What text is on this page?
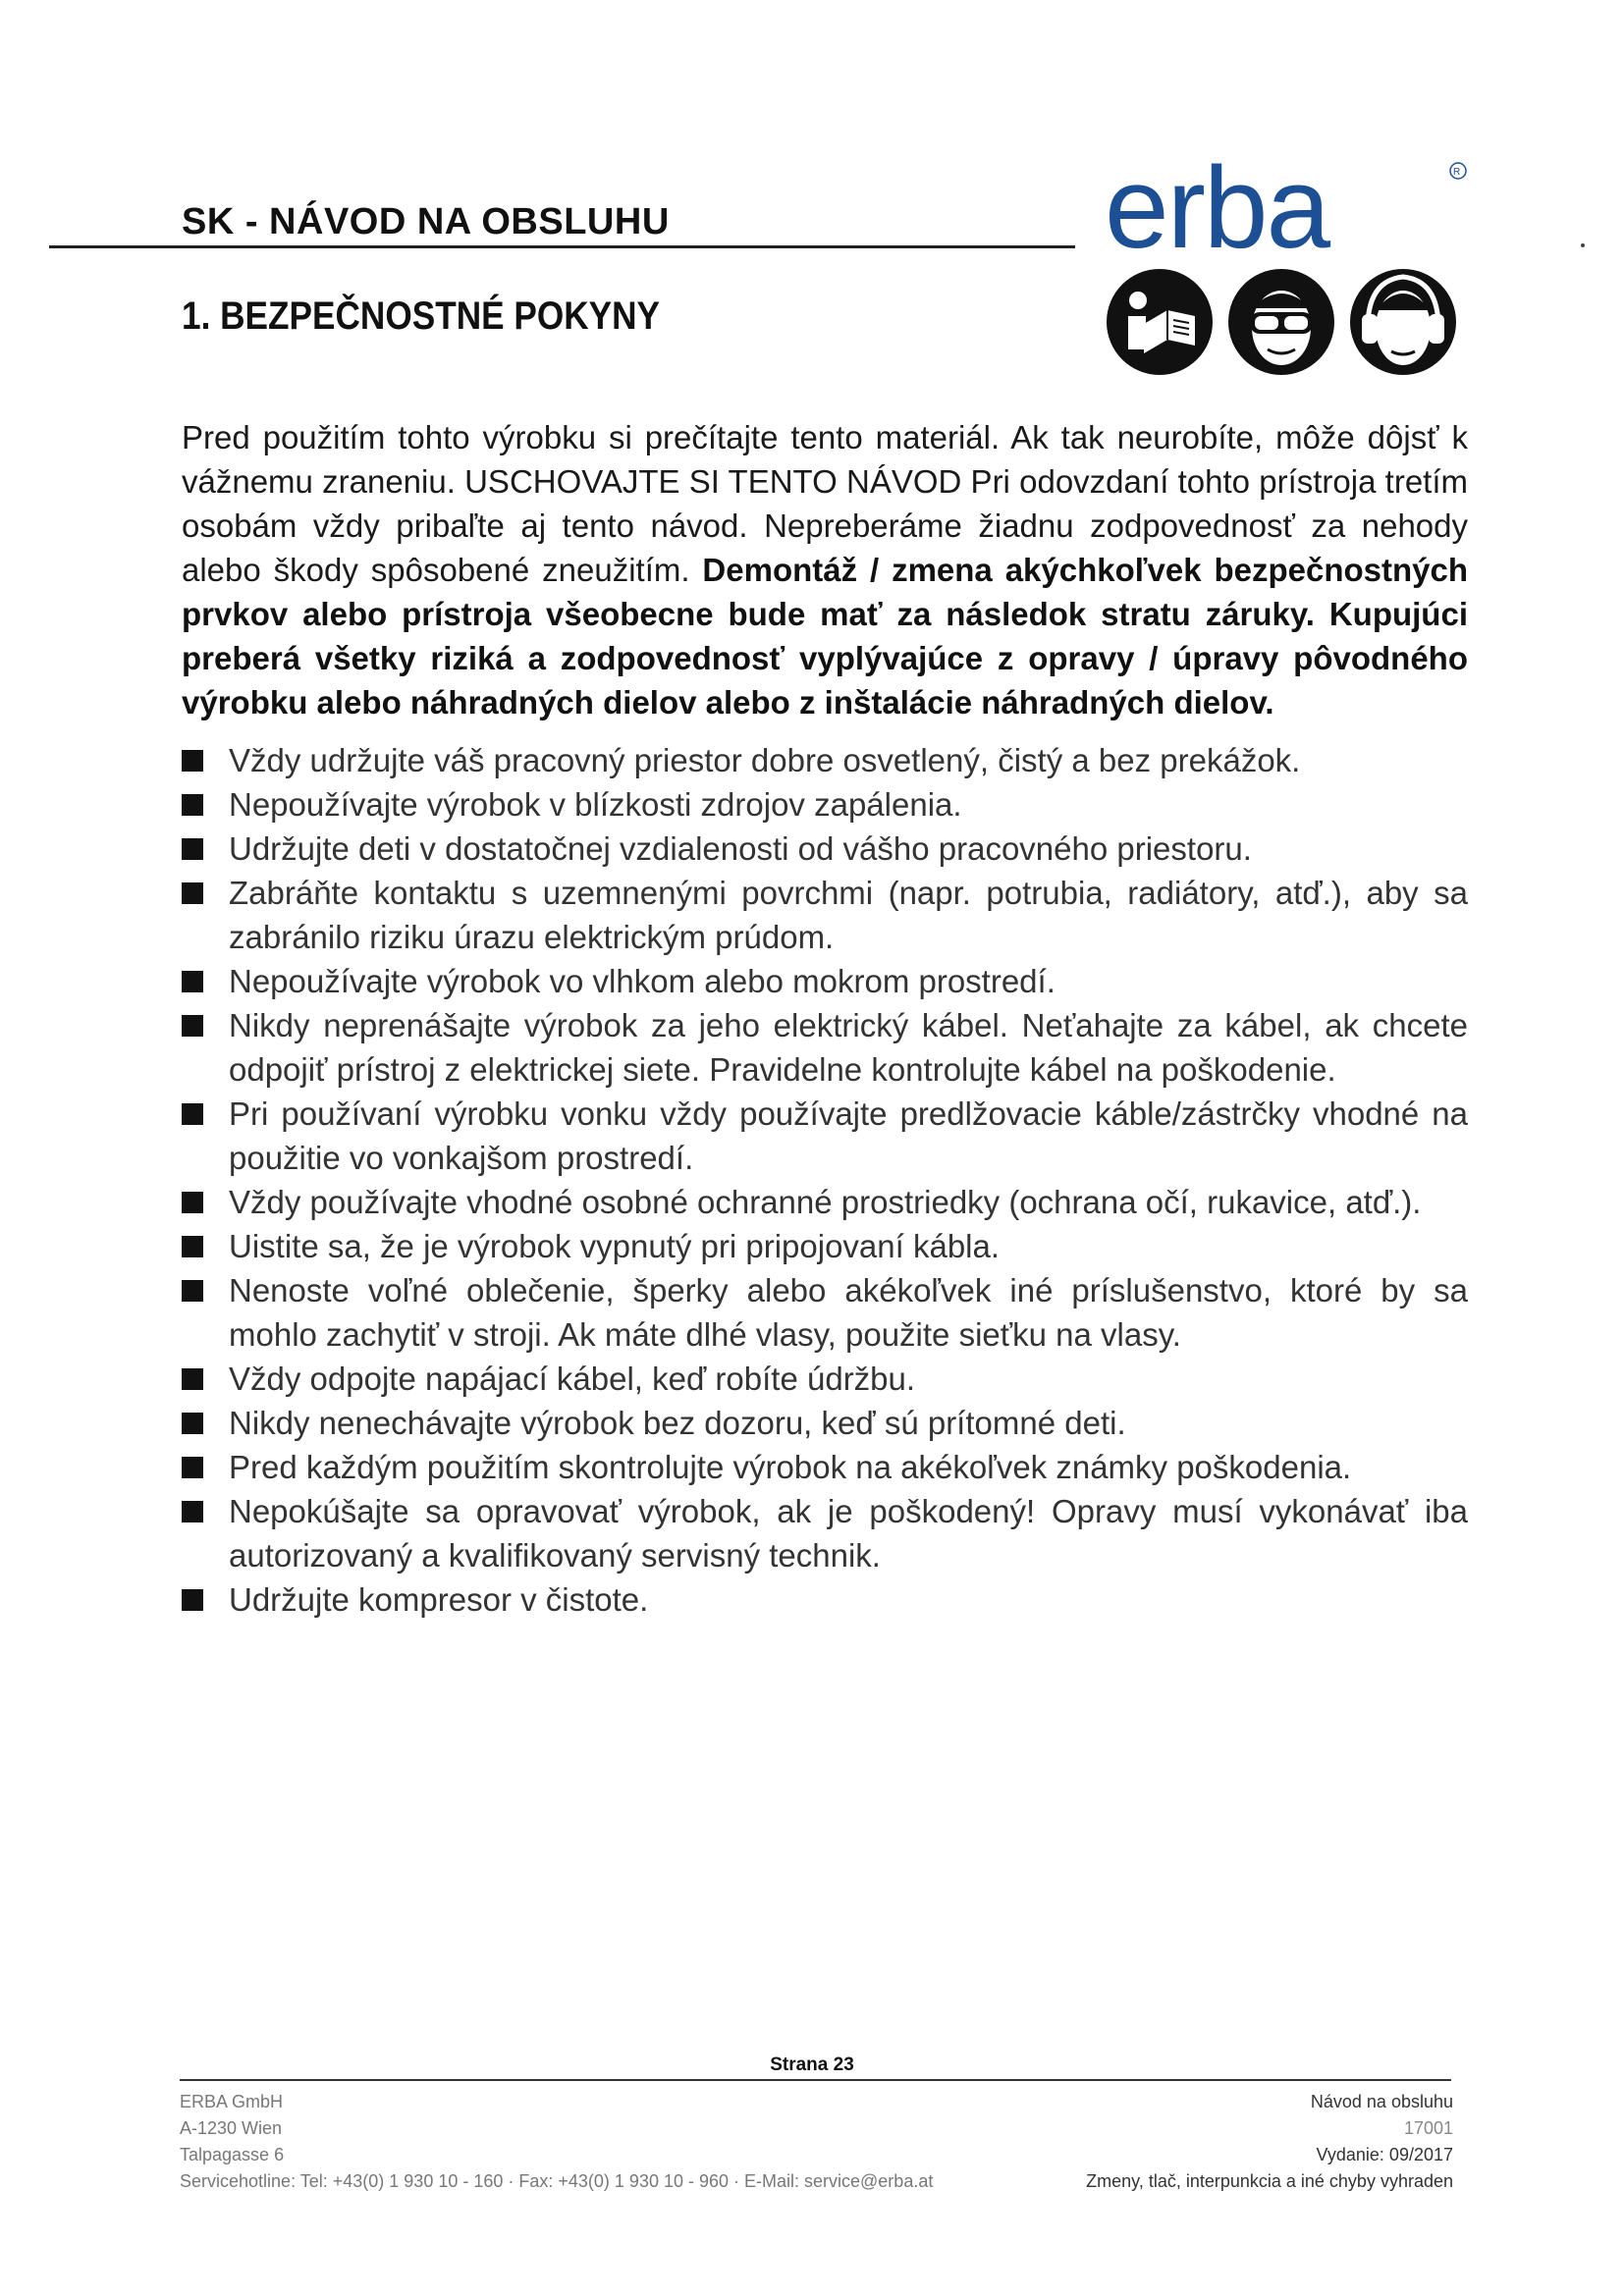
SK - NÁVOD NA OBSLUHU	erba	R
1. BEZPEČNOSTNÉ POKYNY

Pred použitím tohto výrobku si prečítajte tento materiál. Ak tak neurobíte, môže dôjsť k vážnemu zraneniu. USCHOVAJTE SI TENTO NÁVOD Pri odovzdaní tohto prístroja tretím osobám vždy pribaľte aj tento návod. Nepreberáme žiadnu zodpovednosť za nehody alebo škody spôsobené zneužitím. Demontáž / zmena akýchkoľvek bezpečnostných prvkov alebo prístroja všeobecne bude mať za následok stratu záruky. Kupujúci preberá všetky riziká a zodpovednosť vyplývajúce z opravy / úpravy pôvodného výrobku alebo náhradných dielov alebo z inštalácie náhradných dielov.

Vždy udržujte váš pracovný priestor dobre osvetlený, čistý a bez prekážok.
Nepoužívajte výrobok v blízkosti zdrojov zapálenia.
Udržujte deti v dostatočnej vzdialenosti od vášho pracovného priestoru.
Zabráňte kontaktu s uzemnenými povrchmi (napr. potrubia, radiátory, atď.), aby sa zabránilo riziku úrazu elektrickým prúdom.
Nepoužívajte výrobok vo vlhkom alebo mokrom prostredí.
Nikdy neprenášajte výrobok za jeho elektrický kábel. Neťahajte za kábel, ak chcete odpojiť prístroj z elektrickej siete. Pravidelne kontrolujte kábel na poškodenie.
Pri používaní výrobku vonku vždy používajte predlžovacie káble/zástrčky vhodné na použitie vo vonkajšom prostredí.
Vždy používajte vhodné osobné ochranné prostriedky (ochrana očí, rukavice, atď.).
Uistite sa, že je výrobok vypnutý pri pripojovaní kábla.
Nenoste voľné oblečenie, šperky alebo akékoľvek iné príslušenstvo, ktoré by sa mohlo zachytiť v stroji. Ak máte dlhé vlasy, použite sieťku na vlasy.
Vždy odpojte napájací kábel, keď robíte údržbu.
Nikdy nenechávajte výrobok bez dozoru, keď sú prítomné deti.
Pred každým použitím skontrolujte výrobok na akékoľvek známky poškodenia.
Nepokúšajte sa opravovať výrobok, ak je poškodený! Opravy musí vykonávať iba autorizovaný a kvalifikovaný servisný technik.
Udržujte kompresor v čistote.
Strana 23
ERBA GmbH
A-1230 Wien
Talpagasse 6
Servicehotline: Tel: +43(0) 1 930 10 - 160 · Fax: +43(0) 1 930 10 - 960 · E-Mail: service@erba.at
Návod na obsluhu
17001
Vydanie: 09/2017
Zmeny, tlač, interpunkcia a iné chyby vyhraden
